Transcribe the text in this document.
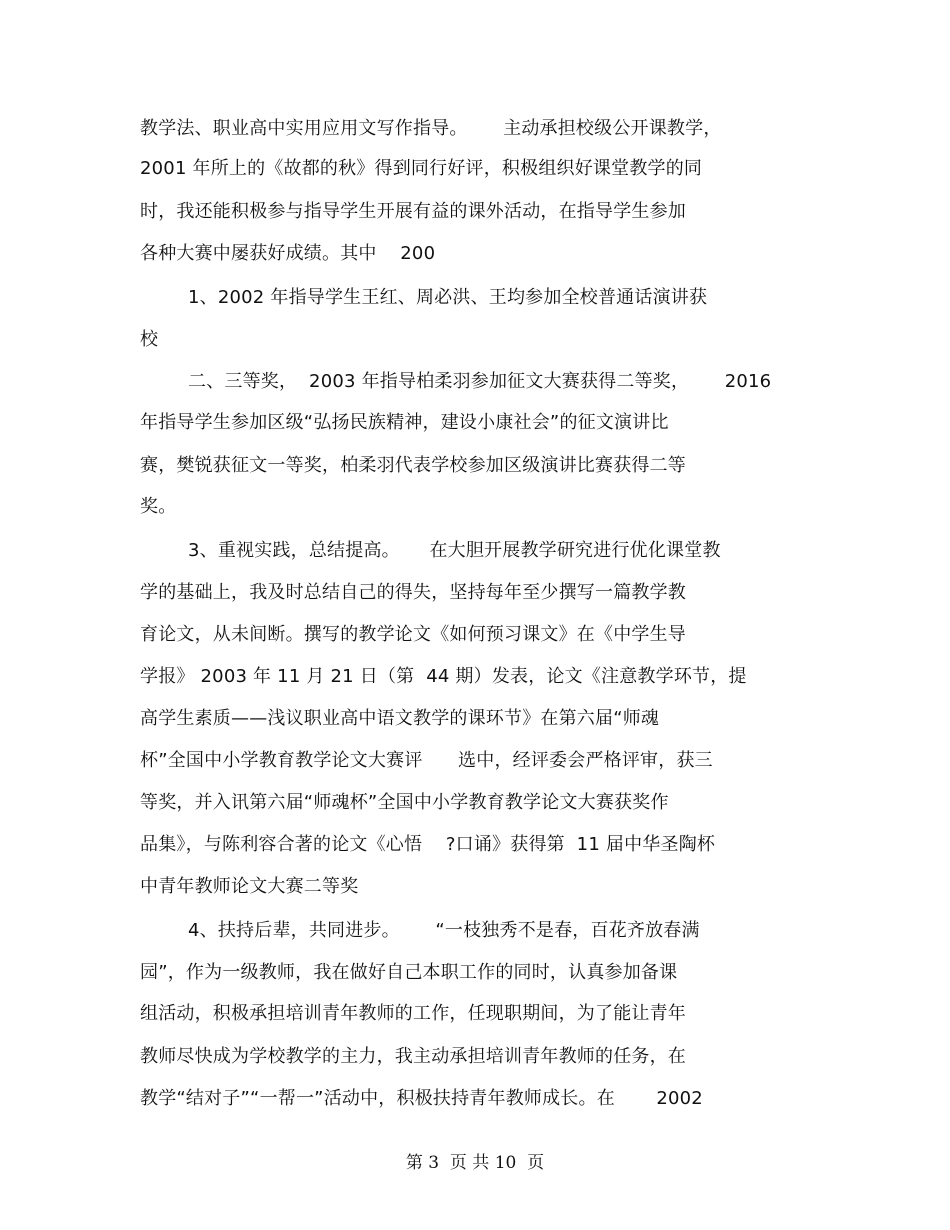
教学法、职业高中实用应用文写作指导。      主动承担校级公开课教学，
2001 年所上的《故都的秋》得到同行好评，积极组织好课堂教学的同
时，我还能积极参与指导学生开展有益的课外活动，在指导学生参加
各种大赛中屡获好成绩。其中    200
1、2002 年指导学生王红、周必洪、王均参加全校普通话演讲获
校
二、三等奖，  2003 年指导柏柔羽参加征文大赛获得二等奖，      2016
年指导学生参加区级“弘扬民族精神，建设小康社会”的征文演讲比
赛，樊锐获征文一等奖，柏柔羽代表学校参加区级演讲比赛获得二等
奖。
3、重视实践，总结提高。     在大胆开展教学研究进行优化课堂教
学的基础上，我及时总结自己的得失，坚持每年至少撰写一篇教学教
育论文，从未间断。撰写的教学论文《如何预习课文》在《中学生导
学报》 2003 年 11 月 21 日（第  44 期）发表，论文《注意教学环节，提
高学生素质——浅议职业高中语文教学的课环节》在第六届“师魂
杯”全国中小学教育教学论文大赛评      选中，经评委会严格评审，获三
等奖，并入讯第六届“师魂杯”全国中小学教育教学论文大赛获奖作
品集》，与陈利容合著的论文《心悟    ?口诵》获得第  11 届中华圣陶杯
中青年教师论文大赛二等奖
4、扶持后辈，共同进步。      “一枝独秀不是春，百花齐放春满
园”，作为一级教师，我在做好自己本职工作的同时，认真参加备课
组活动，积极承担培训青年教师的工作，任现职期间，为了能让青年
教师尽快成为学校教学的主力，我主动承担培训青年教师的任务，在
教学“结对子”“一帮一”活动中，积极扶持青年教师成长。在       2002
第 3  页 共 10  页
